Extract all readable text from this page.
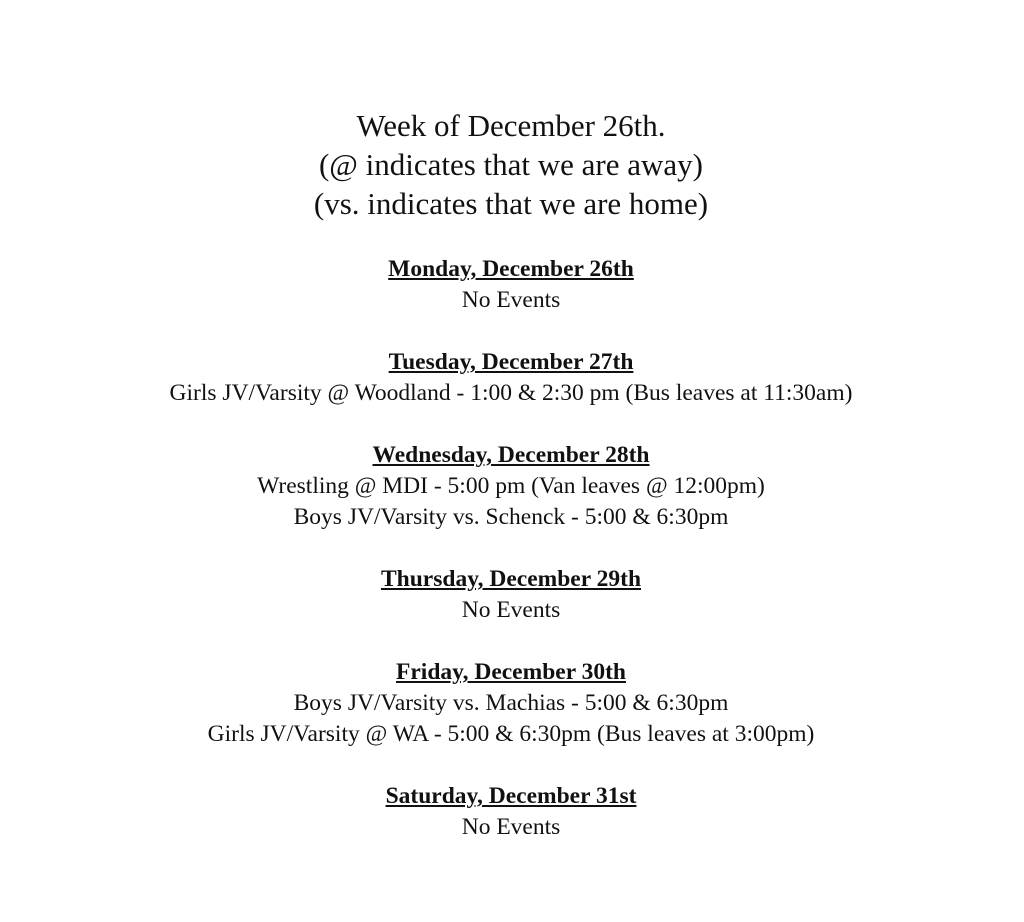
Week of December 26th.
(@ indicates that we are away)
(vs. indicates that we are home)
Monday, December 26th
No Events
Tuesday, December 27th
Girls JV/Varsity @ Woodland - 1:00 & 2:30 pm (Bus leaves at 11:30am)
Wednesday, December 28th
Wrestling @ MDI - 5:00 pm (Van leaves @ 12:00pm)
Boys JV/Varsity vs. Schenck - 5:00 & 6:30pm
Thursday, December 29th
No Events
Friday, December 30th
Boys JV/Varsity vs. Machias - 5:00 & 6:30pm
Girls JV/Varsity @ WA - 5:00 & 6:30pm (Bus leaves at 3:00pm)
Saturday, December 31st
No Events
